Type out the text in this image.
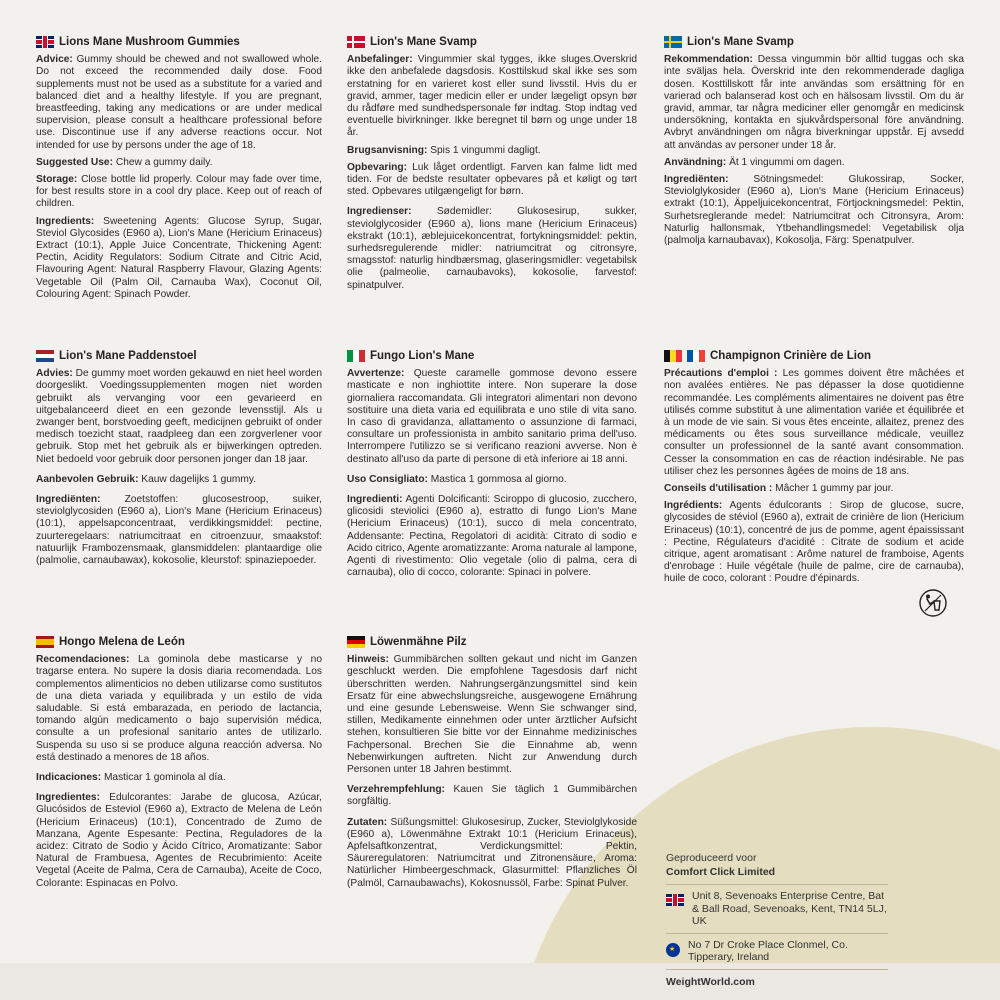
Lions Mane Mushroom Gummies

Advice: Gummy should be chewed and not swallowed whole. Do not exceed the recommended daily dose. Food supplements must not be used as a substitute for a varied and balanced diet and a healthy lifestyle. If you are pregnant, breastfeeding, taking any medications or are under medical supervision, please consult a healthcare professional before use. Discontinue use if any adverse reactions occur. Not intended for use by persons under the age of 18.

Suggested Use: Chew a gummy daily.

Storage: Close bottle lid properly. Colour may fade over time, for best results store in a cool dry place. Keep out of reach of children.

Ingredients: Sweetening Agents: Glucose Syrup, Sugar, Steviol Glycosides (E960 a), Lion's Mane (Hericium Erinaceus) Extract (10:1), Apple Juice Concentrate, Thickening Agent: Pectin, Acidity Regulators: Sodium Citrate and Citric Acid, Flavouring Agent: Natural Raspberry Flavour, Glazing Agents: Vegetable Oil (Palm Oil, Carnauba Wax), Coconut Oil, Colouring Agent: Spinach Powder.

Lion's Mane Svamp

Anbefalinger: Vingummier skal tygges, ikke sluges.Overskrid ikke den anbefalede dagsdosis. Kosttilskud skal ikke ses som erstatning for en varieret kost eller sund livsstil. Hvis du er gravid, ammer, tager medicin eller er under lægeligt opsyn bør du rådføre med sundhedspersonale før indtag. Stop indtag ved eventuelle bivirkninger. Ikke beregnet til børn og unge under 18 år.

Brugsanvisning: Spis 1 vingummi dagligt.

Opbevaring: Luk låget ordentligt. Farven kan falme lidt med tiden. For de bedste resultater opbevares på et køligt og tørt sted. Opbevares utilgængeligt for børn.

Ingredienser: Sødemidler: Glukosesirup, sukker, steviolglycosider (E960 a), lions mane (Hericium Erinaceus) ekstrakt (10:1), æblejuicekoncentrat, fortykningsmiddel: pektin, surhedsregulerende midler: natriumcitrat og citronsyre, smagsstof: naturlig hindbærsmag, glaseringsmidler: vegetabilsk olie (palmeolie, carnaubavoks), kokosolie, farvestof: spinatpulver.

Lion's Mane Svamp

Rekommendation: Dessa vingummin bör alltid tuggas och ska inte sväljas hela. Överskrid inte den rekommenderade dagliga dosen. Kosttillskott får inte användas som ersättning för en varierad och balanserad kost och en hälsosam livsstil. Om du är gravid, ammar, tar några mediciner eller genomgår en medicinsk undersökning, kontakta en sjukvårdspersonal före användning. Avbryt användningen om några biverkningar uppstår. Ej avsedd att användas av personer under 18 år.

Användning: Ät 1 vingummi om dagen.

Ingrediënten: Sötningsmedel: Glukossirap, Socker, Steviolglykosider (E960 a), Lion's Mane (Hericium Erinaceus) extrakt (10:1), Äppeljuicekoncentrat, Förtjockningsmedel: Pektin, Surhetsreglerande medel: Natriumcitrat och Citronsyra, Arom: Naturlig hallonsmak, Ytbehandlingsmedel: Vegetabilisk olja (palmolja karnaubavax), Kokosolja, Färg: Spenatpulver.

Lion's Mane Paddenstoel

Advies: De gummy moet worden gekauwd en niet heel worden doorgeslikt. Voedingssupplementen mogen niet worden gebruikt als vervanging voor een gevarieerd en uitgebalanceerd dieet en een gezonde levensstijl. Als u zwanger bent, borstvoeding geeft, medicijnen gebruikt of onder medisch toezicht staat, raadpleeg dan een zorgverlener voor gebruik. Stop met het gebruik als er bijwerkingen optreden. Niet bedoeld voor gebruik door personen jonger dan 18 jaar.

Aanbevolen Gebruik: Kauw dagelijks 1 gummy.

Ingrediënten: Zoetstoffen: glucosestroop, suiker, steviolglycosiden (E960 a), Lion's Mane (Hericium Erinaceus) (10:1), appelsapconcentraat, verdikkingsmiddel: pectine, zuurteregelaars: natriumcitraat en citroenzuur, smaakstof: natuurlijk Frambozensmaak, glansmiddelen: plantaardige olie (palmolie, carnaubawax), kokosolie, kleurstof: spinaziepoeder.

Fungo Lion's Mane

Avvertenze: Queste caramelle gommose devono essere masticate e non inghiottite intere. Non superare la dose giornaliera raccomandata. Gli integratori alimentari non devono sostituire una dieta varia ed equilibrata e uno stile di vita sano. In caso di gravidanza, allattamento o assunzione di farmaci, consultare un professionista in ambito sanitario prima dell'uso. Interrompere l'utilizzo se si verificano reazioni avverse. Non è destinato all'uso da parte di persone di età inferiore ai 18 anni.

Uso Consigliato: Mastica 1 gommosa al giorno.

Ingredienti: Agenti Dolcificanti: Sciroppo di glucosio, zucchero, glicosidi steviolici (E960 a), estratto di fungo Lion's Mane (Hericium Erinaceus) (10:1), succo di mela concentrato, Addensante: Pectina, Regolatori di acidità: Citrato di sodio e Acido citrico, Agente aromatizzante: Aroma naturale al lampone, Agenti di rivestimento: Olio vegetale (olio di palma, cera di carnauba), olio di cocco, colorante: Spinaci in polvere.

Champignon Crinière de Lion

Précautions d'emploi : Les gommes doivent être mâchées et non avalées entières. Ne pas dépasser la dose quotidienne recommandée. Les compléments alimentaires ne doivent pas être utilisés comme substitut à une alimentation variée et équilibrée et à un mode de vie sain. Si vous êtes enceinte, allaitez, prenez des médicaments ou êtes sous surveillance médicale, veuillez consulter un professionnel de la santé avant consommation. Cesser la consommation en cas de réaction indésirable. Ne pas utiliser chez les personnes âgées de moins de 18 ans.

Conseils d'utilisation : Mâcher 1 gummy par jour.

Ingrédients: Agents édulcorants : Sirop de glucose, sucre, glycosides de stéviol (E960 a), extrait de crinière de lion (Hericium Erinaceus) (10:1), concentré de jus de pomme, agent épaississant : Pectine, Régulateurs d'acidité : Citrate de sodium et acide citrique, agent aromatisant : Arôme naturel de framboise, Agents d'enrobage : Huile végétale (huile de palme, cire de carnauba), huile de coco, colorant : Poudre d'épinards.

Hongo Melena de León

Recomendaciones: La gominola debe masticarse y no tragarse entera. No supere la dosis diaria recomendada. Los complementos alimenticios no deben utilizarse como sustitutos de una dieta variada y equilibrada y un estilo de vida saludable. Si está embarazada, en periodo de lactancia, tomando algún medicamento o bajo supervisión médica, consulte a un profesional sanitario antes de utilizarlo. Suspenda su uso si se produce alguna reacción adversa. No está destinado a menores de 18 años.

Indicaciones: Masticar 1 gominola al día.

Ingredientes: Edulcorantes: Jarabe de glucosa, Azúcar, Glucósidos de Esteviol (E960 a), Extracto de Melena de León (Hericium Erinaceus) (10:1), Concentrado de Zumo de Manzana, Agente Espesante: Pectina, Reguladores de la acidez: Citrato de Sodio y Ácido Cítrico, Aromatizante: Sabor Natural de Frambuesa, Agentes de Recubrimiento: Aceite Vegetal (Aceite de Palma, Cera de Carnauba), Aceite de Coco, Colorante: Espinacas en Polvo.

Löwenmähne Pilz

Hinweis: Gummibärchen sollten gekaut und nicht im Ganzen geschluckt werden. Die empfohlene Tagesdosis darf nicht überschritten werden. Nahrungsergänzungsmittel sind kein Ersatz für eine abwechslungsreiche, ausgewogene Ernährung und eine gesunde Lebensweise. Wenn Sie schwanger sind, stillen, Medikamente einnehmen oder unter ärztlicher Aufsicht stehen, konsultieren Sie bitte vor der Einnahme medizinisches Fachpersonal. Brechen Sie die Einnahme ab, wenn Nebenwirkungen auftreten. Nicht zur Anwendung durch Personen unter 18 Jahren bestimmt.

Verzehrempfehlung: Kauen Sie täglich 1 Gummibärchen sorgfältig.

Zutaten: Süßungsmittel: Glukosesirup, Zucker, Steviolglykoside (E960 a), Löwenmähne Extrakt 10:1 (Hericium Erinaceus), Apfelsaftkonzentrat, Verdickungsmittel: Pektin, Säureregulatoren: Natriumcitrat und Zitronensäure, Aroma: Natürlicher Himbeergeschmack, Glasurmittel: Pflanzliches Öl (Palmöl, Carnaubawachs), Kokosnussöl, Farbe: Spinat Pulver.

Geproduceerd voor
Comfort Click Limited
Unit 8, Sevenoaks Enterprise Centre, Bat & Ball Road, Sevenoaks, Kent, TN14 5LJ, UK
★
No 7 Dr Croke Place Clonmel, Co. Tipperary, Ireland
WeightWorld.com
